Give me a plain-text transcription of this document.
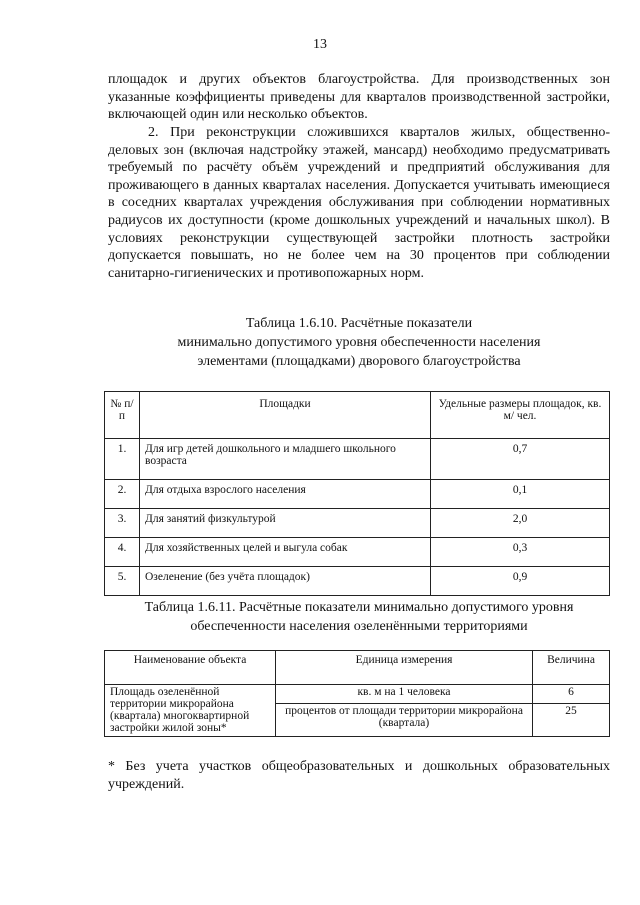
13
площадок и других объектов благоустройства. Для производственных зон указанные коэффициенты приведены для кварталов производственной застройки, включающей один или несколько объектов.
2. При реконструкции сложившихся кварталов жилых, общественно-деловых зон (включая надстройку этажей, мансард) необходимо предусматривать требуемый по расчёту объём учреждений и предприятий обслуживания для проживающего в данных кварталах населения. Допускается учитывать имеющиеся в соседних кварталах учреждения обслуживания при соблюдении нормативных радиусов их доступности (кроме дошкольных учреждений и начальных школ). В условиях реконструкции существующей застройки плотность застройки допускается повышать, но не более чем на 30 процентов при соблюдении санитарно-гигиенических и противопожарных норм.
Таблица 1.6.10. Расчётные показатели
минимально допустимого уровня обеспеченности населения
элементами (площадками) дворового благоустройства
№ п/п	Площадки	Удельные размеры площадок, кв. м/ чел.
1.	Для игр детей дошкольного и младшего школьного возраста	0,7
2.	Для отдыха взрослого населения	0,1
3.	Для занятий физкультурой	2,0
4.	Для хозяйственных целей и выгула собак	0,3
5.	Озеленение (без учёта площадок)	0,9
Таблица 1.6.11. Расчётные показатели минимально допустимого уровня
обеспеченности населения озеленёнными территориями
Наименование объекта	Единица измерения	Величина
Площадь озеленённой территории микрорайона (квартала) многоквартирной застройки жилой зоны*	кв. м на 1 человека	6
	процентов от площади территории микрорайона (квартала)	25
* Без учета участков общеобразовательных и дошкольных образовательных учреждений.
